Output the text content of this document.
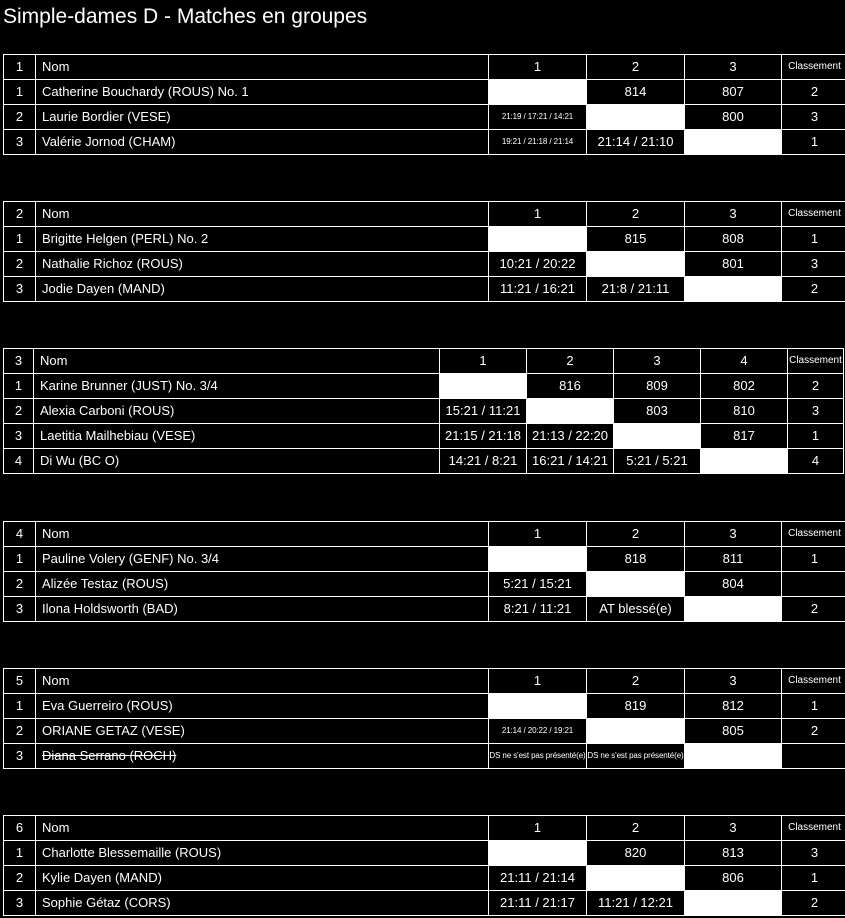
Simple-dames D - Matches en groupes
1	Nom	1	2	3	Classement
1	Catherine Bouchardy (ROUS) No. 1		814	807	2
2	Laurie Bordier (VESE)	21:19 / 17:21 / 14:21		800	3
3	Valérie Jornod (CHAM)	19:21 / 21:18 / 21:14	21:14 / 21:10		1
2	Nom	1	2	3	Classement
1	Brigitte Helgen (PERL) No. 2		815	808	1
2	Nathalie Richoz (ROUS)	10:21 / 20:22		801	3
3	Jodie Dayen (MAND)	11:21 / 16:21	21:8 / 21:11		2
3	Nom	1	2	3	4	Classement
1	Karine Brunner (JUST) No. 3/4		816	809	802	2
2	Alexia Carboni (ROUS)	15:21 / 11:21		803	810	3
3	Laetitia Mailhebiau (VESE)	21:15 / 21:18	21:13 / 22:20		817	1
4	Di Wu (BC O)	14:21 / 8:21	16:21 / 14:21	5:21 / 5:21		4
4	Nom	1	2	3	Classement
1	Pauline Volery (GENF) No. 3/4		818	811	1
2	Alizée Testaz (ROUS)	5:21 / 15:21		804	
3	Ilona Holdsworth (BAD)	8:21 / 11:21	AT blessé(e)		2
5	Nom	1	2	3	Classement
1	Eva Guerreiro (ROUS)		819	812	1
2	ORIANE GETAZ (VESE)	21:14 / 20:22 / 19:21		805	2
3	Diana Serrano (ROCH)	DS ne s'est pas présenté(e)	DS ne s'est pas présenté(e)		
6	Nom	1	2	3	Classement
1	Charlotte Blessemaille (ROUS)		820	813	3
2	Kylie Dayen (MAND)	21:11 / 21:14		806	1
3	Sophie Gétaz (CORS)	21:11 / 21:17	11:21 / 12:21		2
